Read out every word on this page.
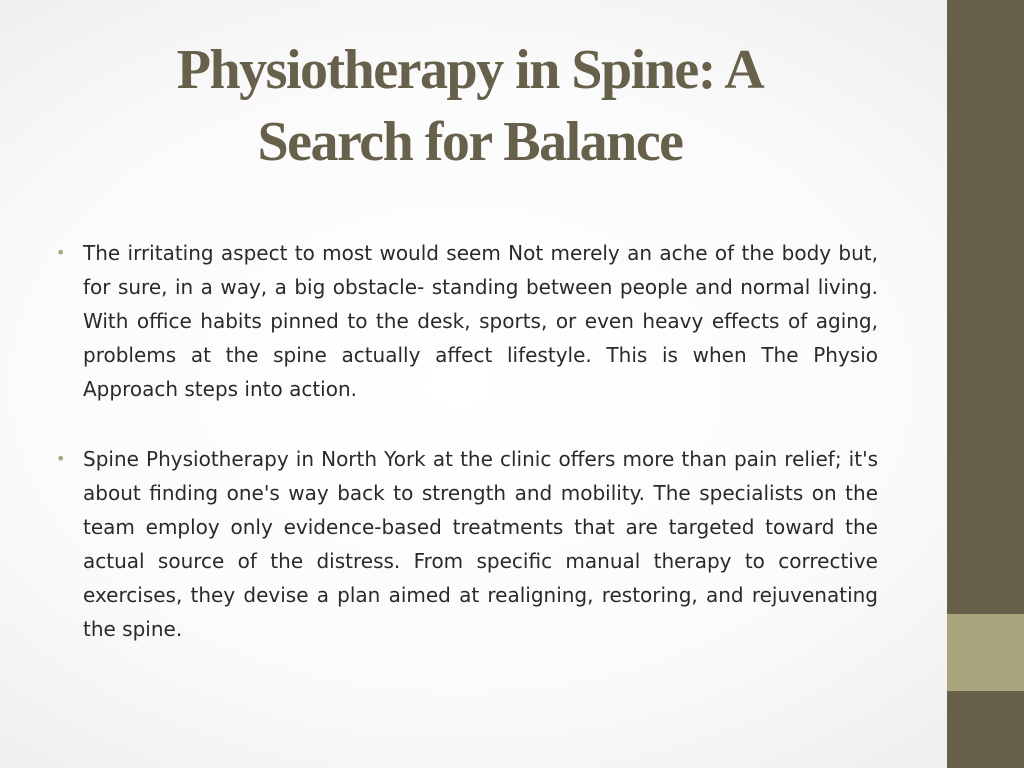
Physiotherapy in Spine: A
Search for Balance
• The irritating aspect to most would seem Not merely an ache of the body but, for sure, in a way, a big obstacle- standing between people and normal living. With office habits pinned to the desk, sports, or even heavy effects of aging, problems at the spine actually affect lifestyle. This is when The Physio Approach steps into action.
• Spine Physiotherapy in North York at the clinic offers more than pain relief; it's about finding one's way back to strength and mobility. The specialists on the team employ only evidence-based treatments that are targeted toward the actual source of the distress. From specific manual therapy to corrective exercises, they devise a plan aimed at realigning, restoring, and rejuvenating the spine.
